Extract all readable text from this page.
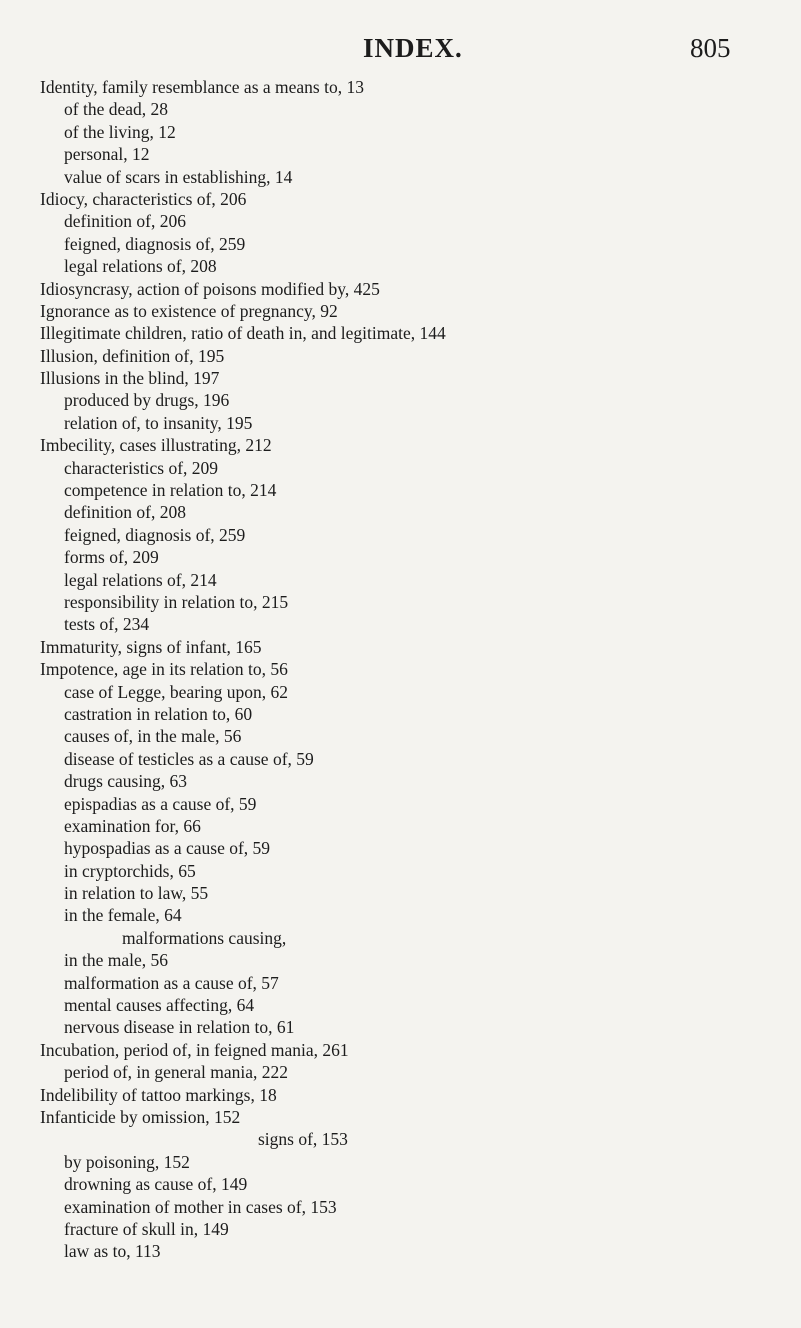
INDEX.	805
Identity, family resemblance as a means to, 13
of the dead, 28
of the living, 12
personal, 12
value of scars in establishing, 14
Idiocy, characteristics of, 206
definition of, 206
feigned, diagnosis of, 259
legal relations of, 208
Idiosyncrasy, action of poisons modified by, 425
Ignorance as to existence of pregnancy, 92
Illegitimate children, ratio of death in, and legitimate, 144
Illusion, definition of, 195
Illusions in the blind, 197
produced by drugs, 196
relation of, to insanity, 195
Imbecility, cases illustrating, 212
characteristics of, 209
competence in relation to, 214
definition of, 208
feigned, diagnosis of, 259
forms of, 209
legal relations of, 214
responsibility in relation to, 215
tests of, 234
Immaturity, signs of infant, 165
Impotence, age in its relation to, 56
case of Legge, bearing upon, 62
castration in relation to, 60
causes of, in the male, 56
disease of testicles as a cause of, 59
drugs causing, 63
epispadias as a cause of, 59
examination for, 66
hypospadias as a cause of, 59
in cryptorchids, 65
in relation to law, 55
in the female, 64
malformations causing,
in the male, 56
malformation as a cause of, 57
mental causes affecting, 64
nervous disease in relation to, 61
Incubation, period of, in feigned mania, 261
period of, in general mania, 222
Indelibility of tattoo markings, 18
Infanticide by omission, 152
signs of, 153
by poisoning, 152
drowning as cause of, 149
examination of mother in cases of, 153
fracture of skull in, 149
law as to, 113
